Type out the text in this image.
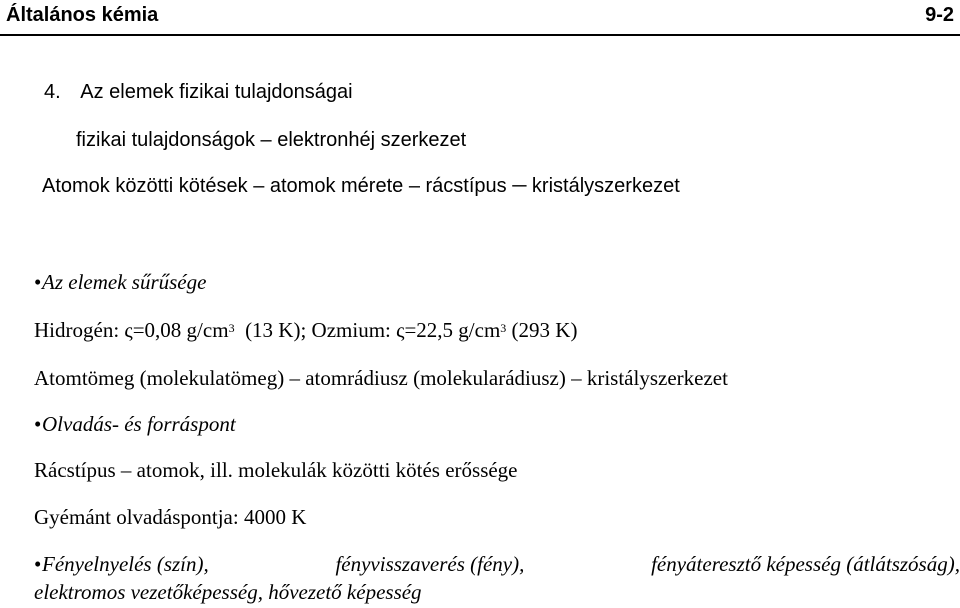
Általános kémia	9-2
4. Az elemek fizikai tulajdonságai
fizikai tulajdonságok – elektronhéj szerkezet
Atomok közötti kötések – atomok mérete – rácstípus ─ kristályszerkezet
•Az elemek sűrűsége
Hidrogén: ς=0,08 $g/cm^3$  (13 K); Ozmium: ς=22,5 $g/cm^3$ (293 K)
Atomtömeg (molekulatömeg) – atomrádiusz (molekularádiusz) – kristályszerkezet
•Olvadás- és forráspont
Rácstípus – atomok, ill. molekulák közötti kötés erőssége
Gyémánt olvadáspontja: 4000 K
•Fényelnyelés (szín),	fényvisszaverés (fény),	fényáteresztő képesség (átlátszóság),
elektromos vezetőképesség, hővezető képesség
